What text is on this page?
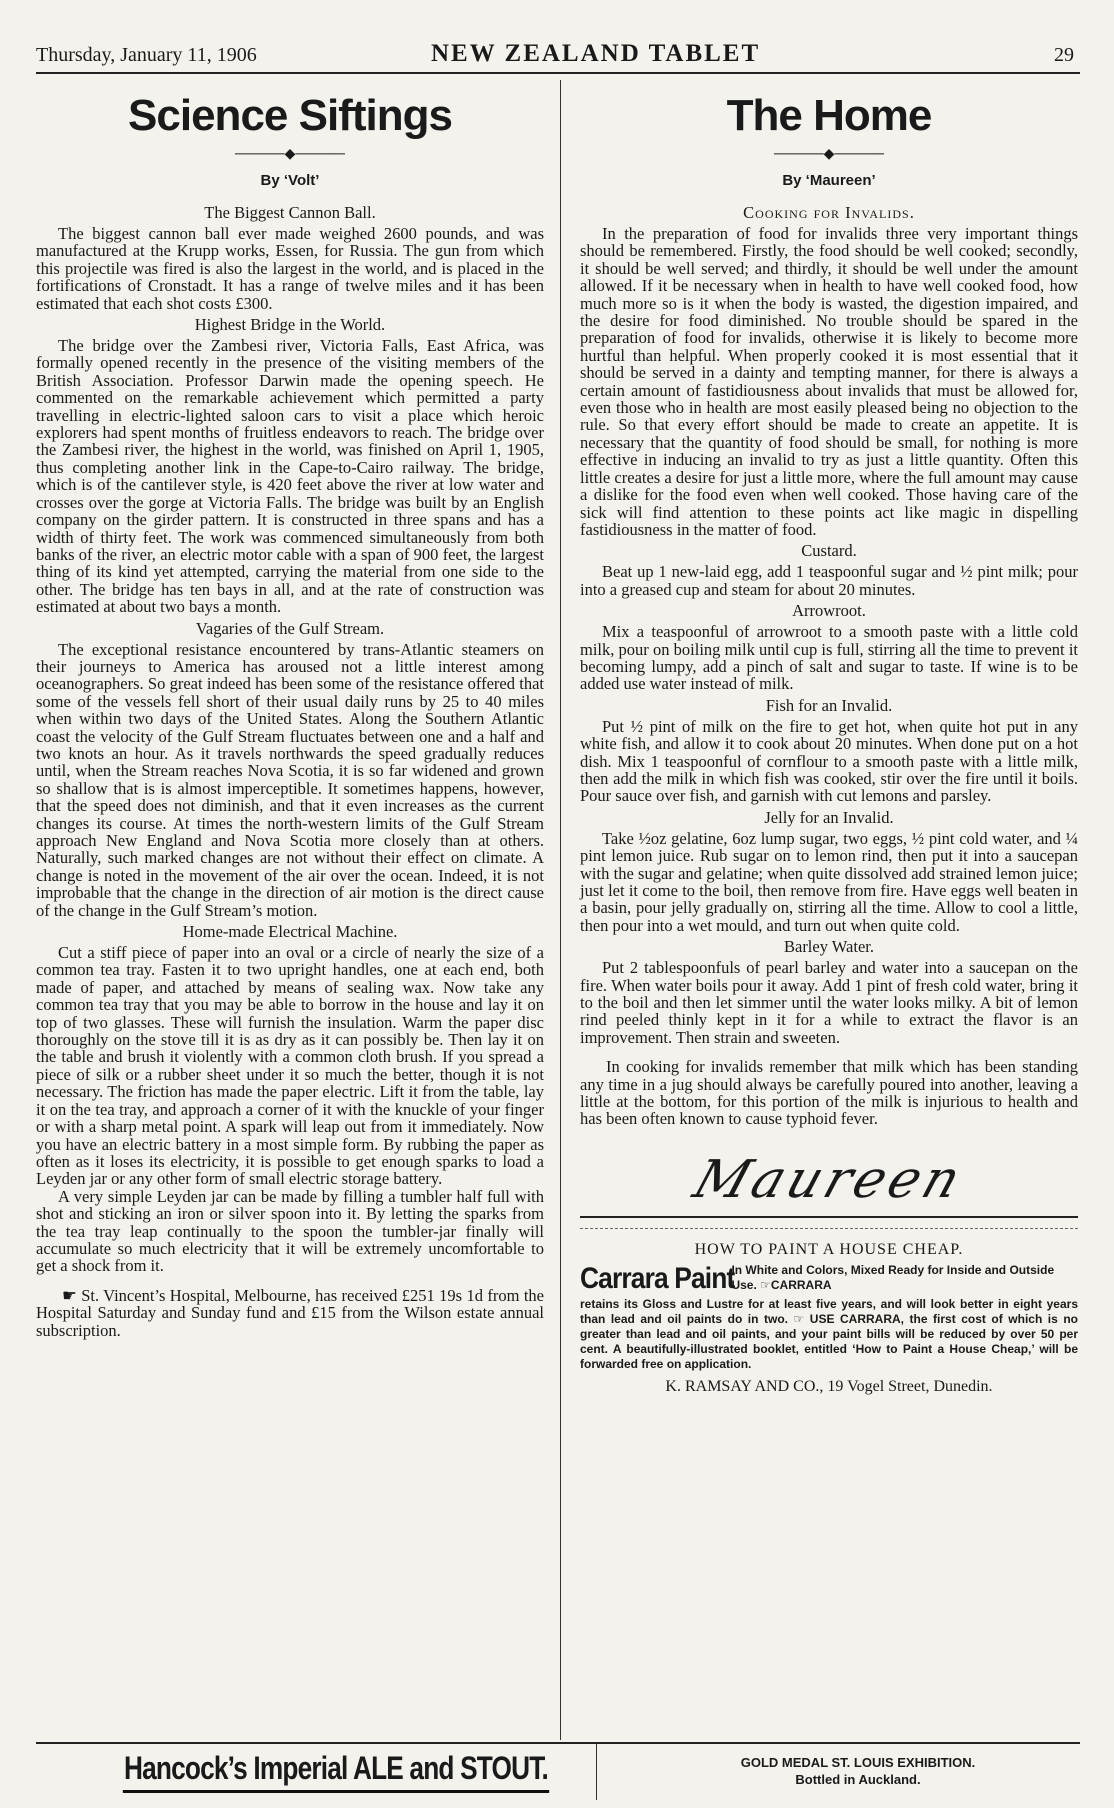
Thursday, January 11, 1906	NEW ZEALAND TABLET	29
Science Siftings
─────◆─────
By ‘Volt’
The Biggest Cannon Ball.

The biggest cannon ball ever made weighed 2600 pounds, and was manufactured at the Krupp works, Essen, for Russia. The gun from which this projectile was fired is also the largest in the world, and is placed in the fortifications of Cronstadt. It has a range of twelve miles and it has been estimated that each shot costs £300.

Highest Bridge in the World.

The bridge over the Zambesi river, Victoria Falls, East Africa, was formally opened recently in the presence of the visiting members of the British Association. Professor Darwin made the opening speech. He commented on the remarkable achievement which permitted a party travelling in electric-lighted saloon cars to visit a place which heroic explorers had spent months of fruitless endeavors to reach. The bridge over the Zambesi river, the highest in the world, was finished on April 1, 1905, thus completing another link in the Cape-to-Cairo railway. The bridge, which is of the cantilever style, is 420 feet above the river at low water and crosses over the gorge at Victoria Falls. The bridge was built by an English company on the girder pattern. It is constructed in three spans and has a width of thirty feet. The work was commenced simultaneously from both banks of the river, an electric motor cable with a span of 900 feet, the largest thing of its kind yet attempted, carrying the material from one side to the other. The bridge has ten bays in all, and at the rate of construction was estimated at about two bays a month.

Vagaries of the Gulf Stream.

The exceptional resistance encountered by trans-Atlantic steamers on their journeys to America has aroused not a little interest among oceanographers. So great indeed has been some of the resistance offered that some of the vessels fell short of their usual daily runs by 25 to 40 miles when within two days of the United States. Along the Southern Atlantic coast the velocity of the Gulf Stream fluctuates between one and a half and two knots an hour. As it travels northwards the speed gradually reduces until, when the Stream reaches Nova Scotia, it is so far widened and grown so shallow that is is almost imperceptible. It sometimes happens, however, that the speed does not diminish, and that it even increases as the current changes its course. At times the north-western limits of the Gulf Stream approach New England and Nova Scotia more closely than at others. Naturally, such marked changes are not without their effect on climate. A change is noted in the movement of the air over the ocean. Indeed, it is not improbable that the change in the direction of air motion is the direct cause of the change in the Gulf Stream’s motion.

Home-made Electrical Machine.

Cut a stiff piece of paper into an oval or a circle of nearly the size of a common tea tray. Fasten it to two upright handles, one at each end, both made of paper, and attached by means of sealing wax. Now take any common tea tray that you may be able to borrow in the house and lay it on top of two glasses. These will furnish the insulation. Warm the paper disc thoroughly on the stove till it is as dry as it can possibly be. Then lay it on the table and brush it violently with a common cloth brush. If you spread a piece of silk or a rubber sheet under it so much the better, though it is not necessary. The friction has made the paper electric. Lift it from the table, lay it on the tea tray, and approach a corner of it with the knuckle of your finger or with a sharp metal point. A spark will leap out from it immediately. Now you have an electric battery in a most simple form. By rubbing the paper as often as it loses its electricity, it is possible to get enough sparks to load a Leyden jar or any other form of small electric storage battery.

A very simple Leyden jar can be made by filling a tumbler half full with shot and sticking an iron or silver spoon into it. By letting the sparks from the tea tray leap continually to the spoon the tumbler-jar finally will accumulate so much electricity that it will be extremely uncomfortable to get a shock from it.

☛ St. Vincent’s Hospital, Melbourne, has received £251 19s 1d from the Hospital Saturday and Sunday fund and £15 from the Wilson estate annual subscription.

The Home
─────◆─────
By ‘Maureen’
Cooking for Invalids.

In the preparation of food for invalids three very important things should be remembered. Firstly, the food should be well cooked; secondly, it should be well served; and thirdly, it should be well under the amount allowed. If it be necessary when in health to have well cooked food, how much more so is it when the body is wasted, the digestion impaired, and the desire for food diminished. No trouble should be spared in the preparation of food for invalids, otherwise it is likely to become more hurtful than helpful. When properly cooked it is most essential that it should be served in a dainty and tempting manner, for there is always a certain amount of fastidiousness about invalids that must be allowed for, even those who in health are most easily pleased being no objection to the rule. So that every effort should be made to create an appetite. It is necessary that the quantity of food should be small, for nothing is more effective in inducing an invalid to try as just a little quantity. Often this little creates a desire for just a little more, where the full amount may cause a dislike for the food even when well cooked. Those having care of the sick will find attention to these points act like magic in dispelling fastidiousness in the matter of food.

Custard.

Beat up 1 new-laid egg, add 1 teaspoonful sugar and ½ pint milk; pour into a greased cup and steam for about 20 minutes.

Arrowroot.

Mix a teaspoonful of arrowroot to a smooth paste with a little cold milk, pour on boiling milk until cup is full, stirring all the time to prevent it becoming lumpy, add a pinch of salt and sugar to taste. If wine is to be added use water instead of milk.

Fish for an Invalid.

Put ½ pint of milk on the fire to get hot, when quite hot put in any white fish, and allow it to cook about 20 minutes. When done put on a hot dish. Mix 1 teaspoonful of cornflour to a smooth paste with a little milk, then add the milk in which fish was cooked, stir over the fire until it boils. Pour sauce over fish, and garnish with cut lemons and parsley.

Jelly for an Invalid.

Take ½oz gelatine, 6oz lump sugar, two eggs, ½ pint cold water, and ¼ pint lemon juice. Rub sugar on to lemon rind, then put it into a saucepan with the sugar and gelatine; when quite dissolved add strained lemon juice; just let it come to the boil, then remove from fire. Have eggs well beaten in a basin, pour jelly gradually on, stirring all the time. Allow to cool a little, then pour into a wet mould, and turn out when quite cold.

Barley Water.

Put 2 tablespoonfuls of pearl barley and water into a saucepan on the fire. When water boils pour it away. Add 1 pint of fresh cold water, bring it to the boil and then let simmer until the water looks milky. A bit of lemon rind peeled thinly kept in it for a while to extract the flavor is an improvement. Then strain and sweeten.

In cooking for invalids remember that milk which has been standing any time in a jug should always be carefully poured into another, leaving a little at the bottom, for this portion of the milk is injurious to health and has been often known to cause typhoid fever.

Maureen
HOW TO PAINT A HOUSE CHEAP.
Carrara Paint
In White and Colors, Mixed Ready for Inside and Outside Use. ☞CARRARA
retains its Gloss and Lustre for at least five years, and will look better in eight years than lead and oil paints do in two. ☞ USE CARRARA, the first cost of which is no greater than lead and oil paints, and your paint bills will be reduced by over 50 per cent. A beautifully-illustrated booklet, entitled ‘How to Paint a House Cheap,’ will be forwarded free on application.
K. RAMSAY AND CO., 19 Vogel Street, Dunedin.
Hancock’s Imperial ALE and STOUT.	GOLD MEDAL ST. LOUIS EXHIBITION.
Bottled in Auckland.
